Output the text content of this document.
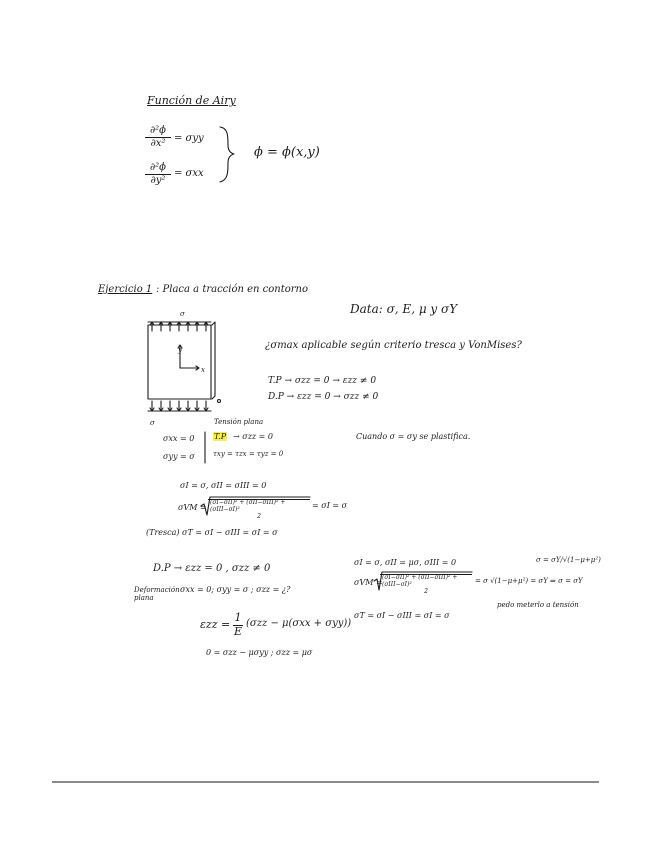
Función de Airy
∂²ϕ
∂x² = σyy
∂²ϕ
∂y²
= σxx
ϕ = ϕ(x,y)
Ejercicio 1 : Placa a tracción en contorno
Data: σ, E, μ y σY
σ
y
x
σ	Tensión plana
¿σmax aplicable según criterio tresca y VonMises?
T.P → σzz = 0 → εzz ≠ 0
D.P → εzz = 0 → σzz ≠ 0
σxx = 0
σyy = σ
T.P → σzz = 0
τxy = τzx = τyz = 0
Cuando σ = σy se plastifica.
σI = σ, σII = σIII = 0
σVM =
(σI−σII)² + (σII−σIII)² + (σIII−σI)²
2
= σI = σ
(Tresca) σT = σI − σIII = σI = σ
D.P → εzz = 0 , σzz ≠ 0
Deformación plana
σxx = 0; σyy = σ ; σzz = ¿?
εzz =
1
E
(σzz − μ(σxx + σyy))
0 = σzz − μσyy ; σzz = μσ
σI = σ, σII = μσ, σIII = 0	σ = σY/√(1−μ+μ²)
σVM =
(σI−σII)² + (σII−σIII)² + (σIII−σI)²
2
= σ √(1−μ+μ²) = σY ⇒ σ = σY
pedo meterlo a tensión
σT = σI − σIII = σI = σ
